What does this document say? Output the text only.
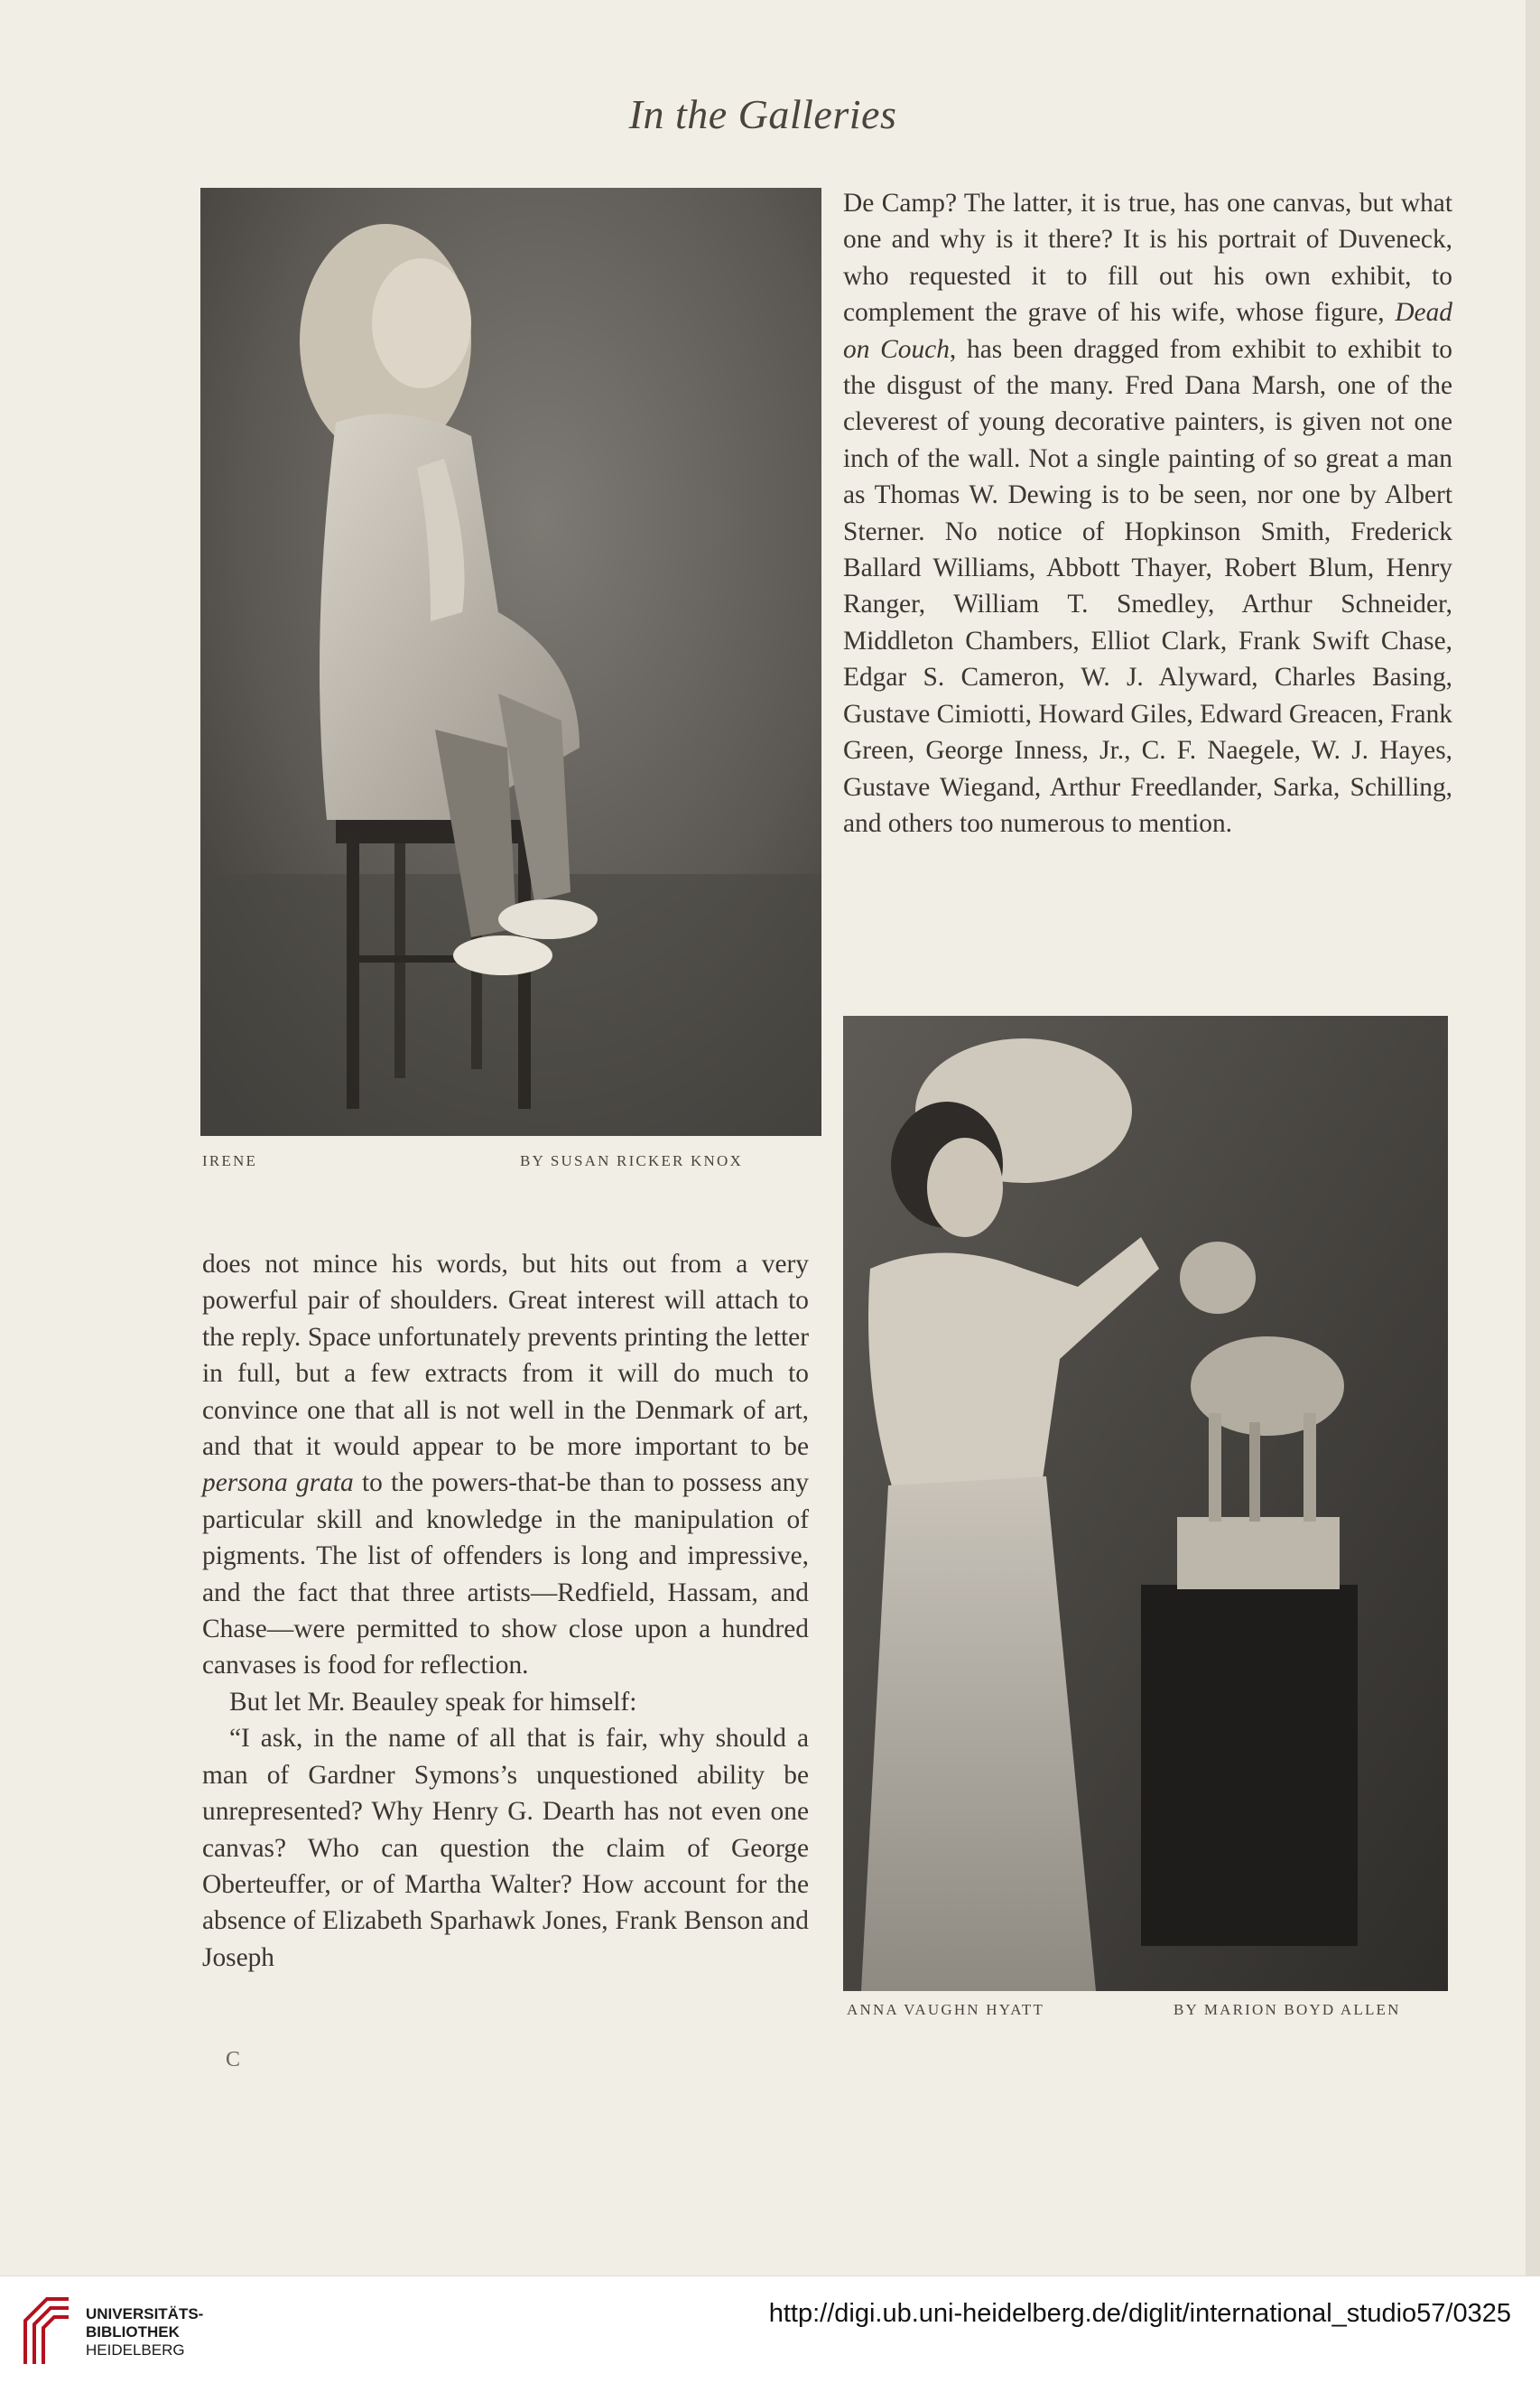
In the Galleries
IRENE	BY SUSAN RICKER KNOX

De Camp? The latter, it is true, has one canvas, but what one and why is it there? It is his portrait of Duveneck, who requested it to fill out his own exhibit, to complement the grave of his wife, whose figure, Dead on Couch, has been dragged from exhibit to exhibit to the disgust of the many. Fred Dana Marsh, one of the cleverest of young decorative painters, is given not one inch of the wall. Not a single painting of so great a man as Thomas W. Dewing is to be seen, nor one by Albert Sterner. No notice of Hopkinson Smith, Frederick Ballard Williams, Abbott Thayer, Robert Blum, Henry Ranger, William T. Smedley, Arthur Schneider, Middleton Chambers, Elliot Clark, Frank Swift Chase, Edgar S. Cameron, W. J. Alyward, Charles Basing, Gustave Cimiotti, Howard Giles, Edward Greacen, Frank Green, George Inness, Jr., C. F. Naegele, W. J. Hayes, Gustave Wiegand, Arthur Freedlander, Sarka, Schilling, and others too numerous to mention.

ANNA VAUGHN HYATT	BY MARION BOYD ALLEN

does not mince his words, but hits out from a very powerful pair of shoulders. Great interest will attach to the reply. Space unfortunately prevents printing the letter in full, but a few extracts from it will do much to convince one that all is not well in the Denmark of art, and that it would appear to be more important to be persona grata to the powers-that-be than to possess any particular skill and knowledge in the manipulation of pigments. The list of offenders is long and impressive, and the fact that three artists—Redfield, Hassam, and Chase—were permitted to show close upon a hundred canvases is food for reflection.

But let Mr. Beauley speak for himself:

“I ask, in the name of all that is fair, why should a man of Gardner Symons’s unquestioned ability be unrepresented? Why Henry G. Dearth has not even one canvas? Who can question the claim of George Oberteuffer, or of Martha Walter? How account for the absence of Elizabeth Sparhawk Jones, Frank Benson and Joseph

C
UNIVERSITÄTS-
BIBLIOTHEK
HEIDELBERG
http://digi.ub.uni-heidelberg.de/diglit/international_studio57/0325
